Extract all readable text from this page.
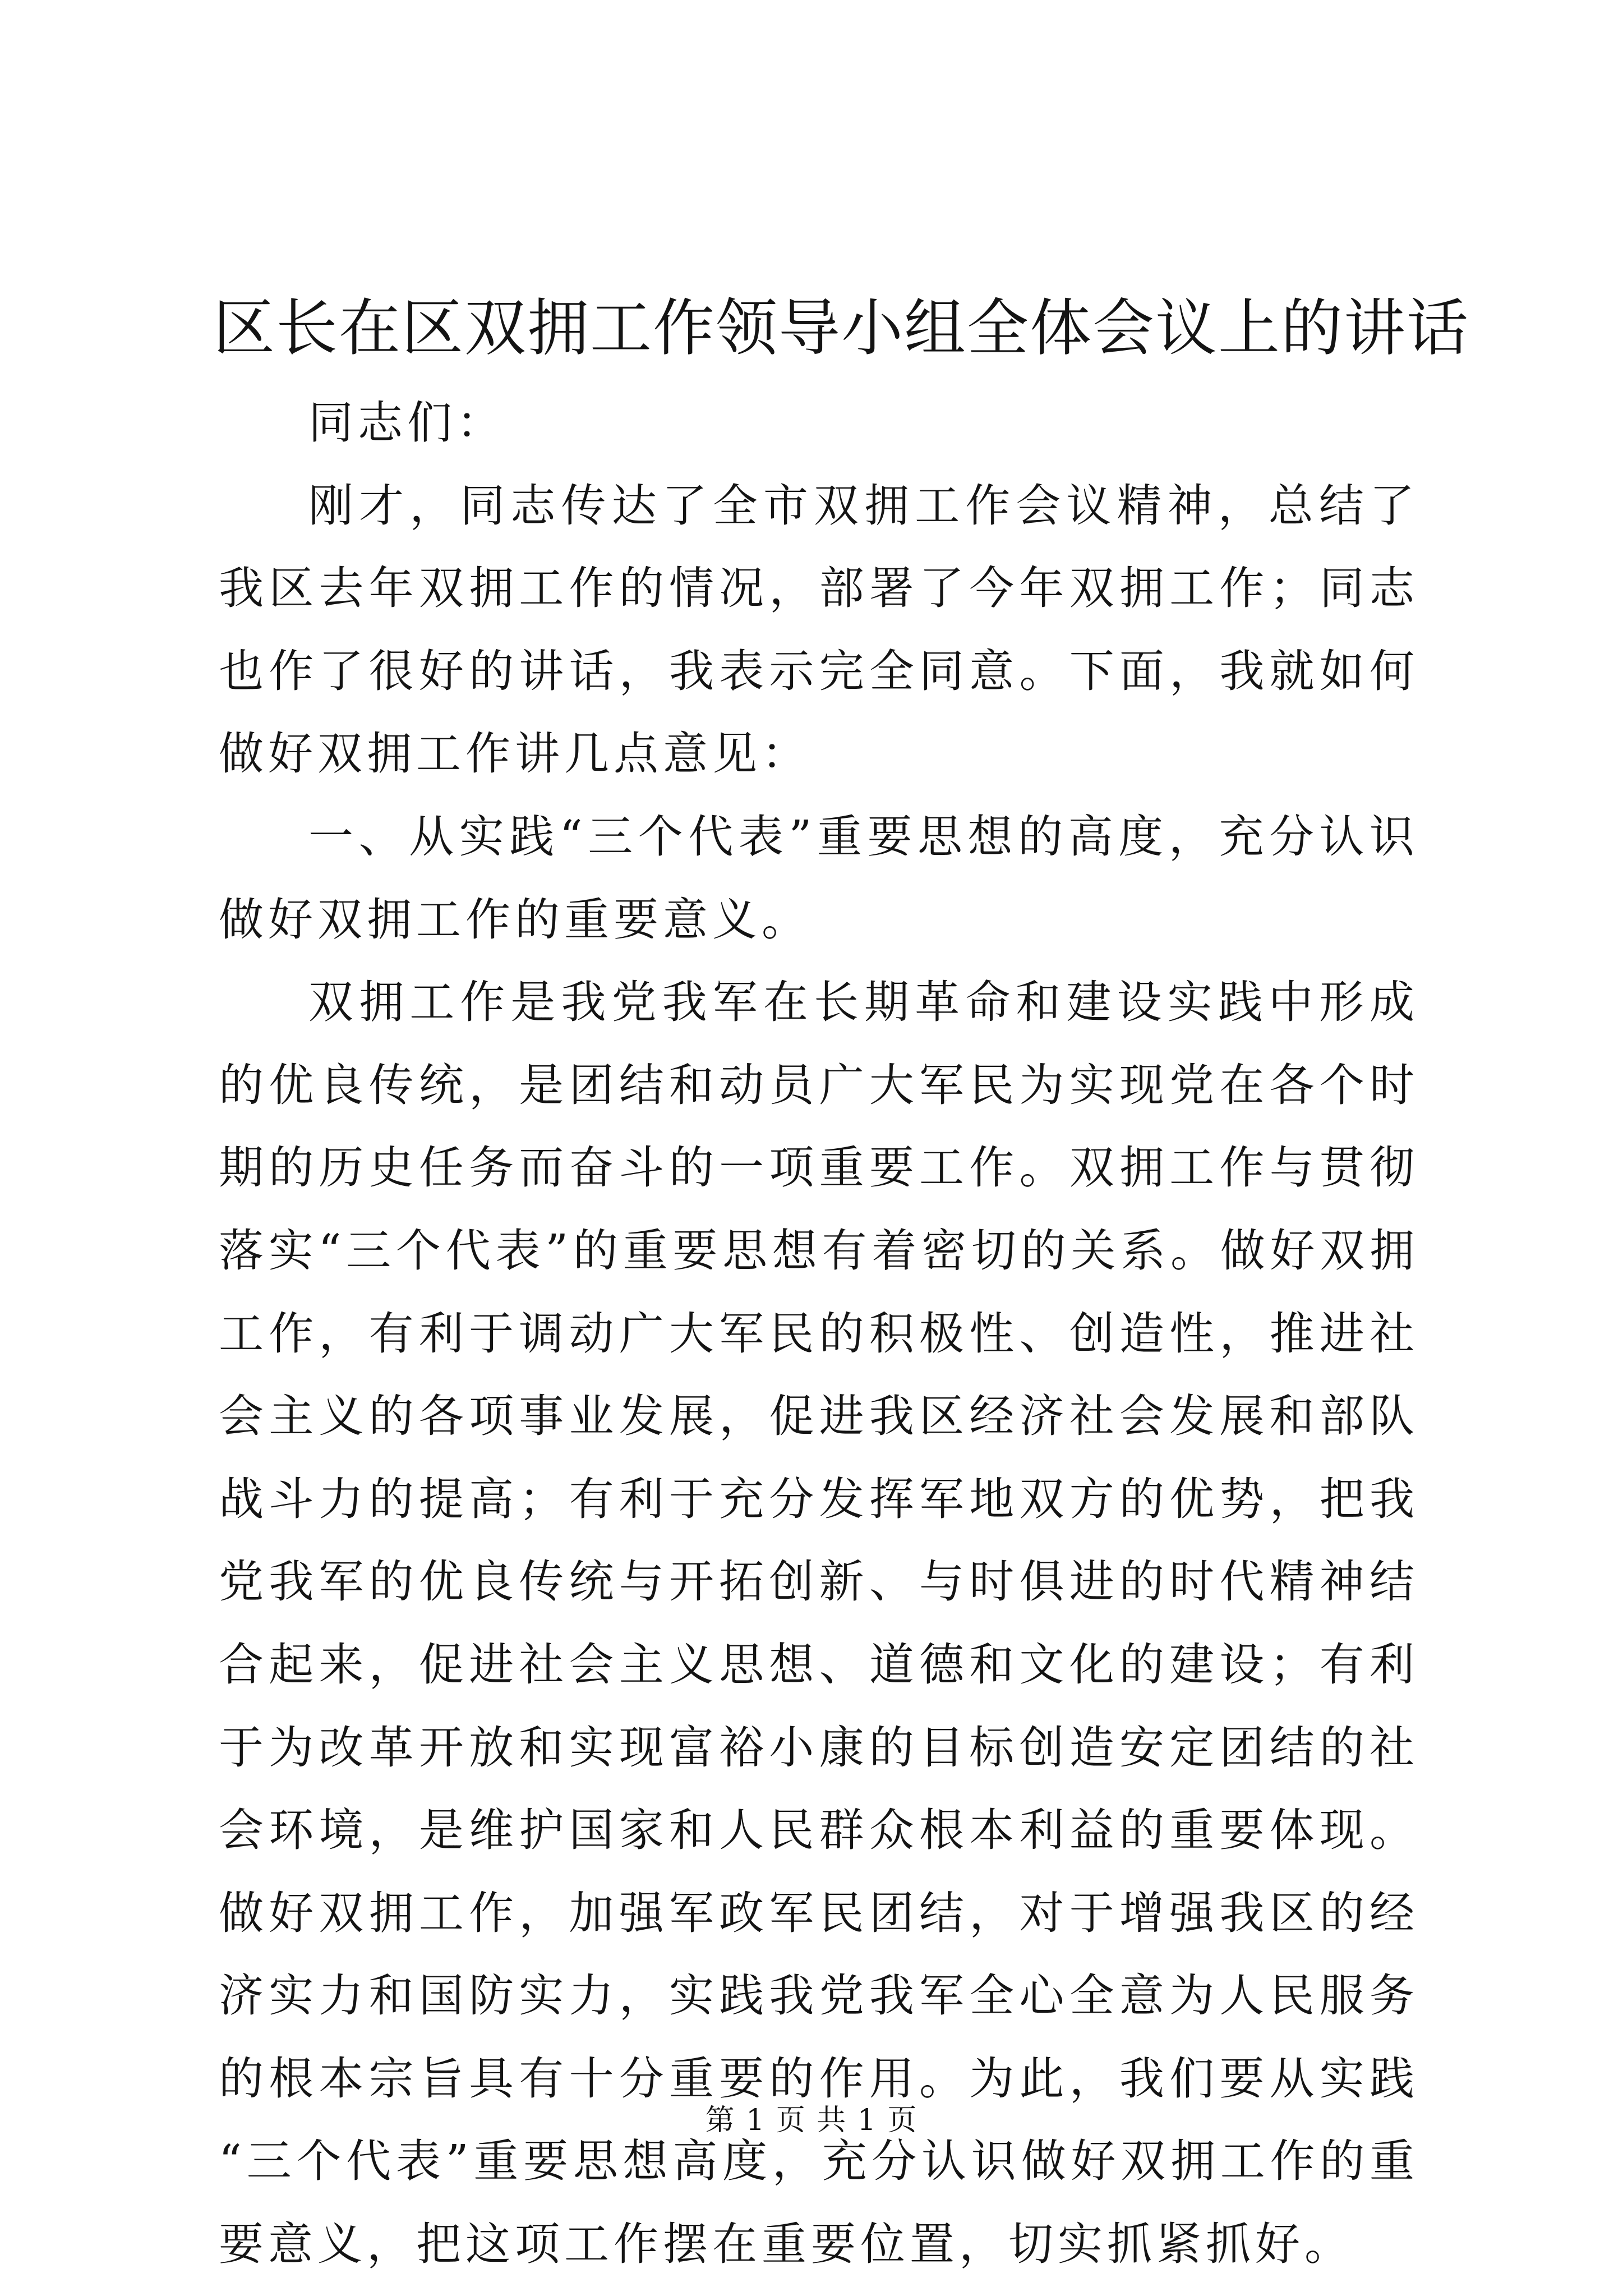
区长在区双拥工作领导小组全体会议上的讲话

同志们：

刚才，同志传达了全市双拥工作会议精神，总结了我区去年双拥工作的情况，部署了今年双拥工作；同志也作了很好的讲话，我表示完全同意。下面，我就如何做好双拥工作讲几点意见：

一、从实践“三个代表”重要思想的高度，充分认识做好双拥工作的重要意义。

双拥工作是我党我军在长期革命和建设实践中形成的优良传统，是团结和动员广大军民为实现党在各个时期的历史任务而奋斗的一项重要工作。双拥工作与贯彻落实“三个代表”的重要思想有着密切的关系。做好双拥工作，有利于调动广大军民的积极性、创造性，推进社会主义的各项事业发展，促进我区经济社会发展和部队战斗力的提高；有利于充分发挥军地双方的优势，把我党我军的优良传统与开拓创新、与时俱进的时代精神结合起来，促进社会主义思想、道德和文化的建设；有利于为改革开放和实现富裕小康的目标创造安定团结的社会环境，是维护国家和人民群众根本利益的重要体现。做好双拥工作，加强军政军民团结，对于增强我区的经济实力和国防实力，实践我党我军全心全意为人民服务的根本宗旨具有十分重要的作用。为此，我们要从实践“三个代表”重要思想高度，充分认识做好双拥工作的重要意义，把这项工作摆在重要位置，切实抓紧抓好。

第 1 页 共 1 页
